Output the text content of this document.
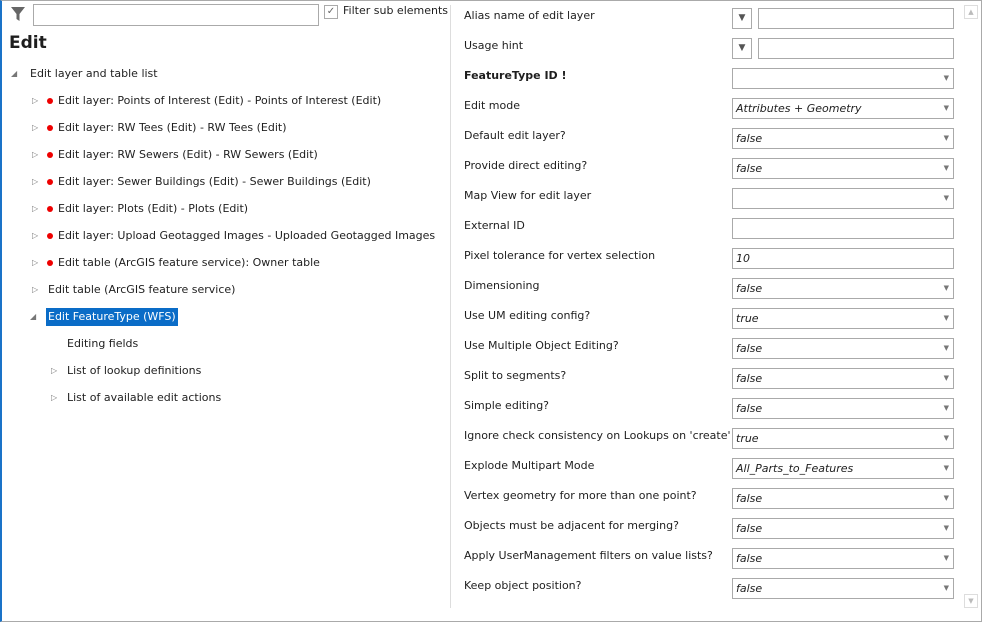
✓ Filter sub elements
Edit
◢ Edit layer and table list
▷ Edit layer: Points of Interest (Edit) - Points of Interest (Edit)
▷ Edit layer: RW Tees (Edit) - RW Tees (Edit)
▷ Edit layer: RW Sewers (Edit) - RW Sewers (Edit)
▷ Edit layer: Sewer Buildings (Edit) - Sewer Buildings (Edit)
▷ Edit layer: Plots (Edit) - Plots (Edit)
▷ Edit layer: Upload Geotagged Images - Uploaded Geotagged Images
▷ Edit table (ArcGIS feature service): Owner table
▷ Edit table (ArcGIS feature service)
◢ Edit FeatureType (WFS)
Editing fields
▷ List of lookup definitions
▷ List of available edit actions
Alias name of edit layer	▼
Usage hint	▼
FeatureType ID !	▼
Edit mode	Attributes + Geometry	▼
Default edit layer?	false	▼
Provide direct editing?	false	▼
Map View for edit layer	▼
External ID
Pixel tolerance for vertex selection	10
Dimensioning	false	▼
Use UM editing config?	true	▼
Use Multiple Object Editing?	false	▼
Split to segments?	false	▼
Simple editing?	false	▼
Ignore check consistency on Lookups on 'create' true	▼
Explode Multipart Mode	All_Parts_to_Features	▼
Vertex geometry for more than one point?	false	▼
Objects must be adjacent for merging?	false	▼
Apply UserManagement filters on value lists?	false	▼
Keep object position?	false	▼
▲
▼
